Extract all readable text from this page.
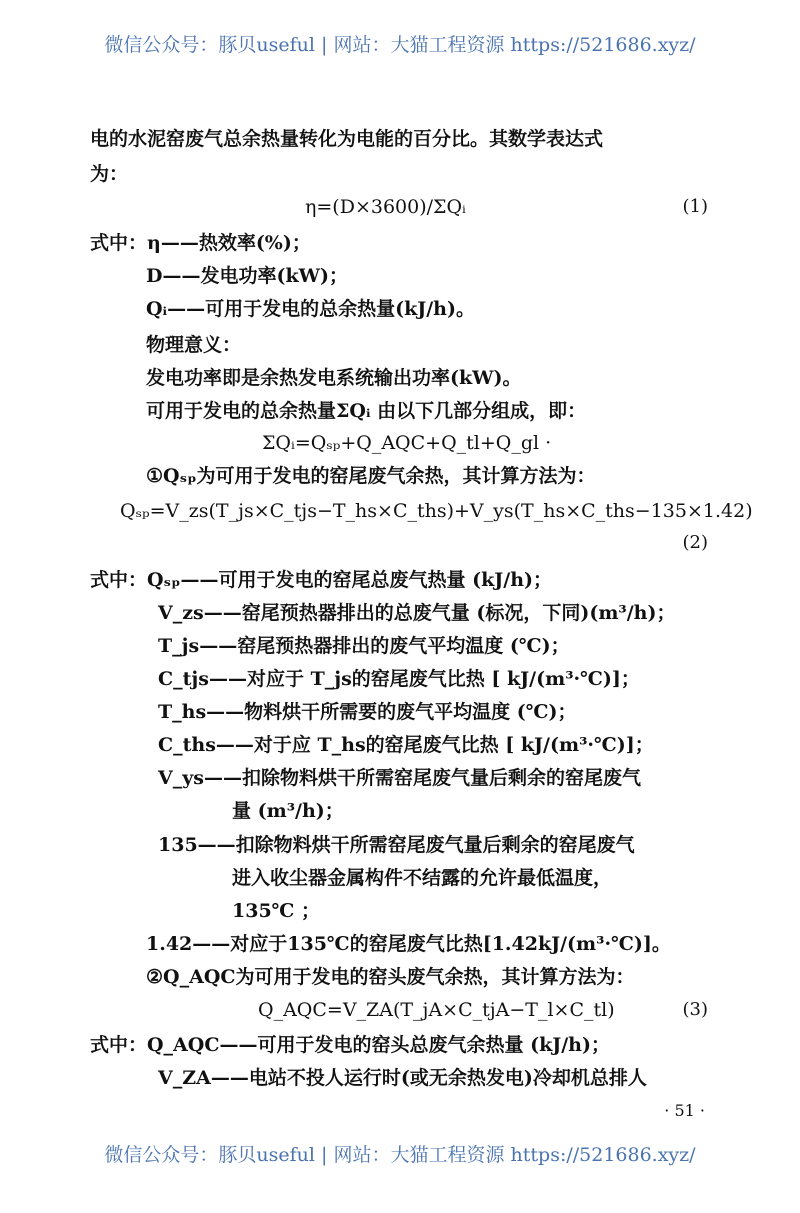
微信公众号：豚贝useful | 网站：大猫工程资源 https://521686.xyz/
电的水泥窑废气总余热量转化为电能的百分比。其数学表达式
为：
η=(D×3600)/ΣQᵢ	(1)
式中：η——热效率(%)；
D——发电功率(kW)；
Qᵢ——可用于发电的总余热量(kJ/h)。
物理意义：
发电功率即是余热发电系统输出功率(kW)。
可用于发电的总余热量ΣQᵢ 由以下几部分组成，即：
ΣQᵢ=Qₛₚ+Q_AQC+Q_tl+Q_gl ·
①Qₛₚ为可用于发电的窑尾废气余热，其计算方法为：
Qₛₚ=V_zs(T_js×C_tjs−T_hs×C_ths)+V_ys(T_hs×C_ths−135×1.42)
(2)
式中：Qₛₚ——可用于发电的窑尾总废气热量 (kJ/h)；
V_zs——窑尾预热器排出的总废气量 (标况，下同)(m³/h)；
T_js——窑尾预热器排出的废气平均温度 (℃)；
C_tjs——对应于 T_js的窑尾废气比热 [ kJ/(m³·℃)]；
T_hs——物料烘干所需要的废气平均温度 (℃)；
C_ths——对于应 T_hs的窑尾废气比热 [ kJ/(m³·℃)]；
V_ys——扣除物料烘干所需窑尾废气量后剩余的窑尾废气
量 (m³/h)；
135——扣除物料烘干所需窑尾废气量后剩余的窑尾废气
进入收尘器金属构件不结露的允许最低温度，
135℃ ；
1.42——对应于135℃的窑尾废气比热[1.42kJ/(m³·℃)]。
②Q_AQC为可用于发电的窑头废气余热，其计算方法为：
Q_AQC=V_ZA(T_jA×C_tjA−T_l×C_tl)	(3)
式中：Q_AQC——可用于发电的窑头总废气余热量 (kJ/h)；
V_ZA——电站不投人运行时(或无余热发电)冷却机总排人
· 51 ·
微信公众号：豚贝useful | 网站：大猫工程资源 https://521686.xyz/
